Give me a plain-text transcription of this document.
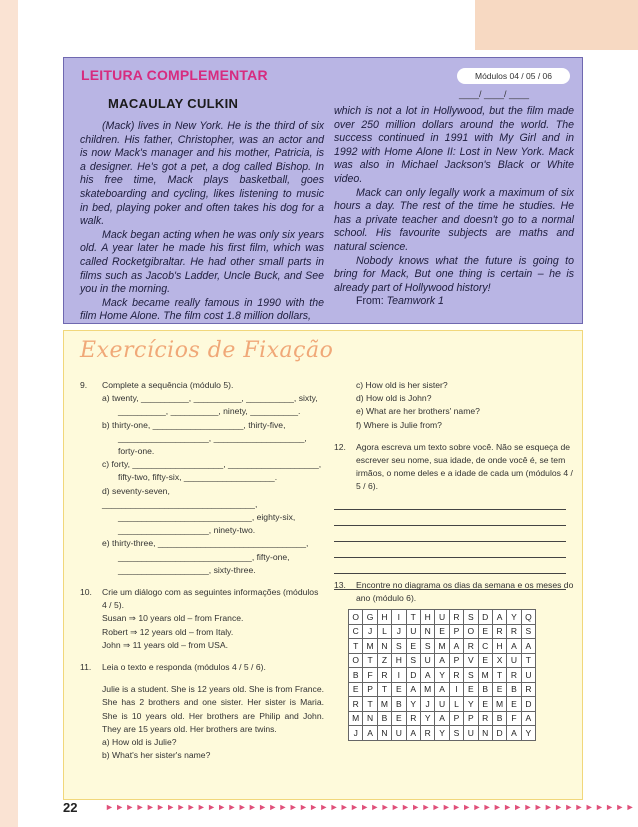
LEITURA COMPLEMENTAR	Módulos 04 / 05 / 06
____/ ____/ ____
MACAULAY CULKIN

(Mack) lives in New York. He is the third of six children. His father, Christopher, was an actor and is now Mack's manager and his mother, Patricia, is a designer. He's got a pet, a dog called Bishop. In his free time, Mack plays basketball, goes skateboarding and cycling, likes listening to music in bed, playing poker and often takes his dog for a walk.

Mack began acting when he was only six years old. A year later he made his first film, which was called Rocketgibraltar. He had other small parts in films such as Jacob's Ladder, Uncle Buck, and See you in the morning.

Mack became really famous in 1990 with the film Home Alone. The film cost 1.8 million dollars,

which is not a lot in Hollywood, but the film made over 250 million dollars around the world. The success continued in 1991 with My Girl and in 1992 with Home Alone II: Lost in New York. Mack was also in Michael Jackson's Black or White video.

Mack can only legally work a maximum of six hours a day. The rest of the time he studies. He has a private teacher and doesn't go to a normal school. His favourite subjects are maths and natural science.

Nobody knows what the future is going to bring for Mack, But one thing is certain – he is already part of Hollywood history!

From: Teamwork 1

Exercícios de Fixação
9.	Complete a sequência (módulo 5).
a) twenty, __________, __________, __________, sixty,
__________, __________, ninety, __________.
b) thirty-one, ___________________, thirty-five,
___________________, ___________________,
forty-one.
c) forty, ___________________, ___________________,
fifty-two, fifty-six, ___________________.
d) seventy-seven, ________________________________,
____________________________, eighty-six,
___________________, ninety-two.
e) thirty-three, _______________________________,
____________________________, fifty-one,
___________________, sixty-three.
10.	Crie um diálogo com as seguintes informações (módulos 4 / 5).
Susan ⇒ 10 years old – from France.
Robert ⇒ 12 years old – from Italy.
John ⇒ 11 years old – from USA.
11.	Leia o texto e responda (módulos 4 / 5 / 6).
Julie is a student. She is 12 years old. She is from France. She has 2 brothers and one sister. Her sister is Maria. She is 10 years old. Her brothers are Philip and John. They are 15 years old. Her brothers are twins.
a) How old is Julie?
b) What's her sister's name?
c) How old is her sister?
d) How old is John?
e) What are her brothers' name?
f) Where is Julie from?
12.	Agora escreva um texto sobre você. Não se esqueça de escrever seu nome, sua idade, de onde você é, se tem irmãos, o nome deles e a idade de cada um (módulos 4 / 5 / 6).
13.	Encontre no diagrama os dias da semana e os meses do ano (módulo 6).
O	G	H	I	T	H	U	R	S	D	A	Y	Q
C	J	L	J	U	N	E	P	O	E	R	R	S
T	M	N	S	E	S	M	A	R	C	H	A	A
O	T	Z	H	S	U	A	P	V	E	X	U	T
B	F	R	I	D	A	Y	R	S	M	T	R	U
E	P	T	E	A	M	A	I	E	B	E	B	R
R	T	M	B	Y	J	U	L	Y	E	M	E	D
M	N	B	E	R	Y	A	P	P	R	B	F	A
J	A	N	U	A	R	Y	S	U	N	D	A	Y
22	►►►►►►►►►►►►►►►►►►►►►►►►►►►►►►►►►►►►►►►►►►►►►►►►►►►►
